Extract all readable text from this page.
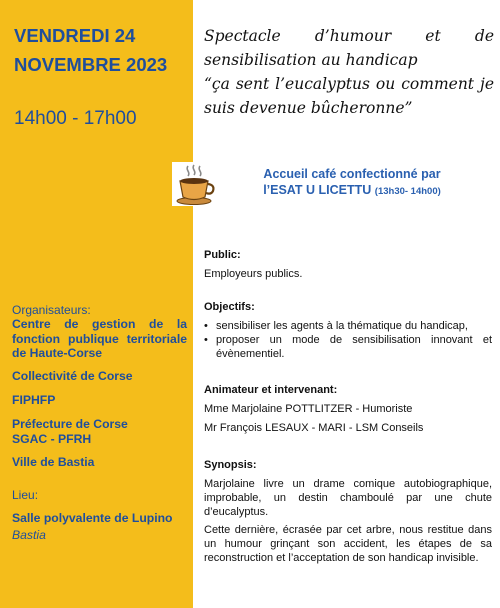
VENDREDI 24
NOVEMBRE 2023
14h00 - 17h00
Organisateurs:
Centre de gestion de la fonction publique territoriale de Haute-Corse
Collectivité de Corse
FIPHFP
Préfecture de Corse
SGAC - PFRH
Ville de Bastia
Lieu:
Salle polyvalente de Lupino
Bastia
Spectacle d’humour et de sensibilisation au handicap
“ça sent l’eucalyptus ou comment je suis devenue bûcheronne”
Accueil café confectionné par
l’ESAT U LICETTU (13h30- 14h00)
Public:
Employeurs publics.
Objectifs:
• sensibiliser les agents à la thématique du handicap,
• proposer un mode de sensibilisation innovant et évènementiel.
Animateur et intervenant:
Mme Marjolaine POTTLITZER - Humoriste
Mr François LESAUX - MARI - LSM Conseils
Synopsis:
Marjolaine livre un drame comique autobiographique, improbable, un destin chamboulé par une chute d’eucalyptus.
Cette dernière, écrasée par cet arbre, nous restitue dans un humour grinçant son accident, les étapes de sa reconstruction et l’acceptation de son handicap invisible.
